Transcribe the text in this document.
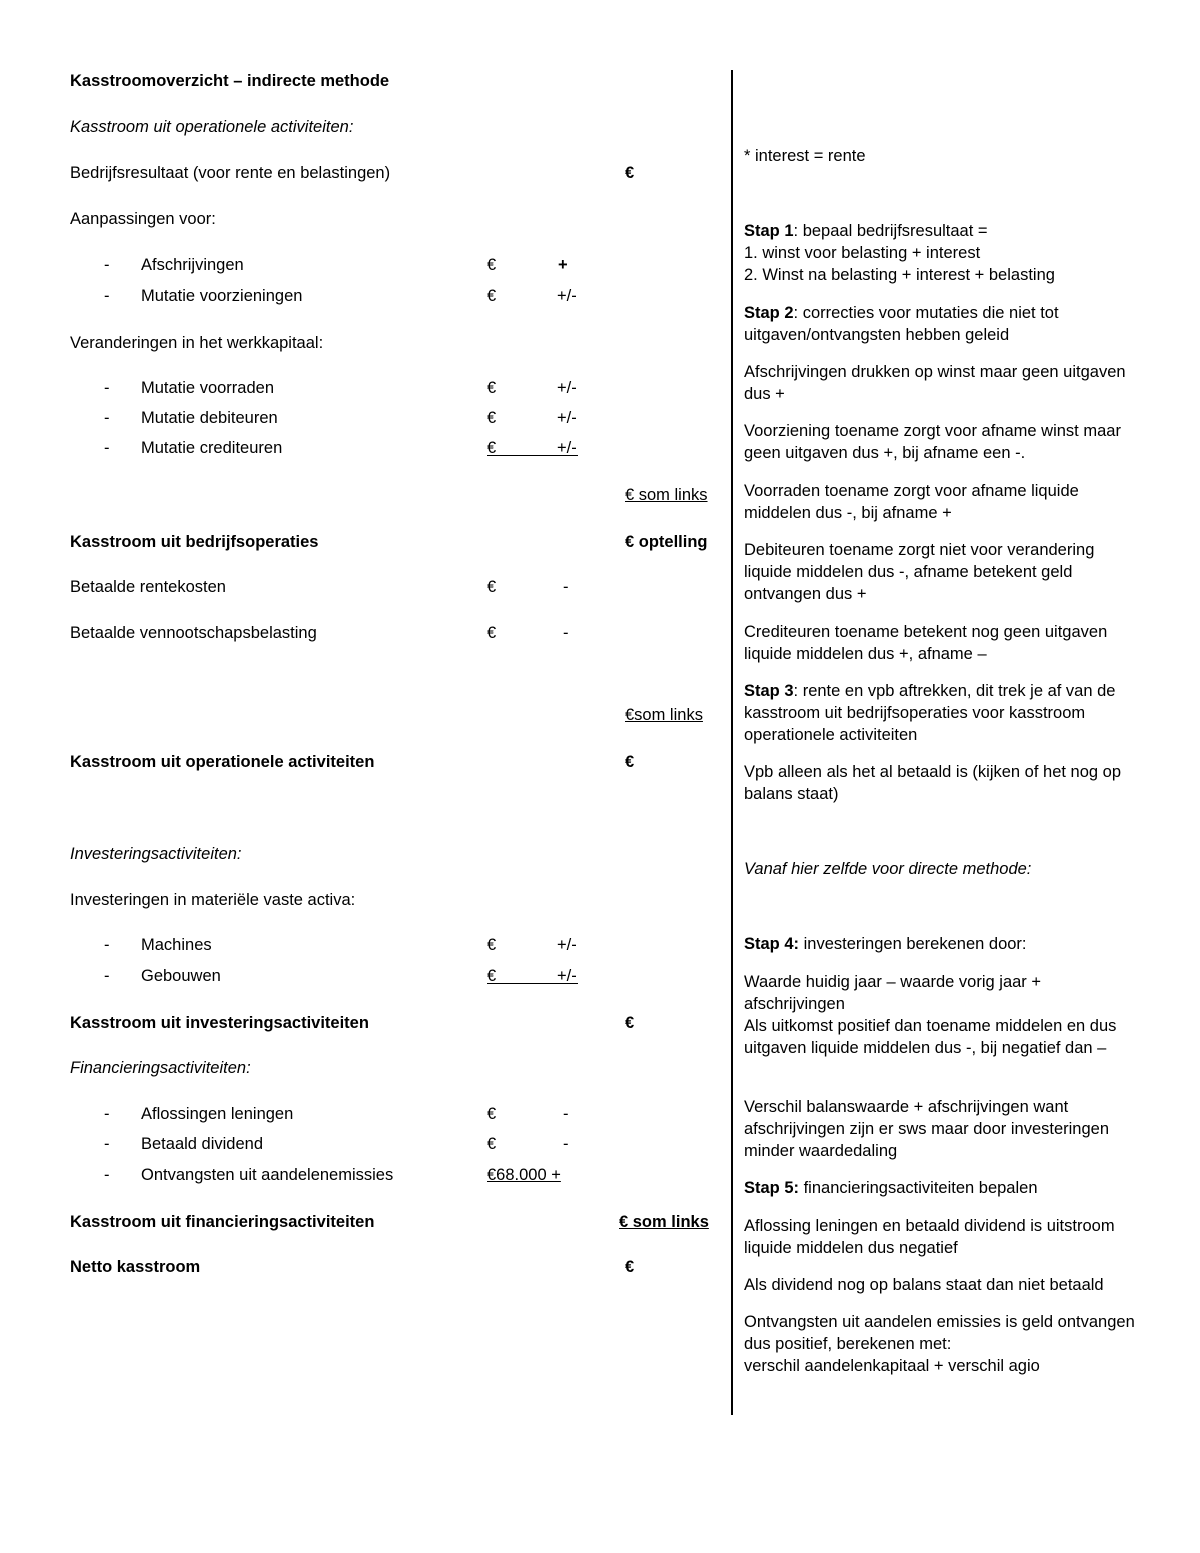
Kasstroomoverzicht – indirecte methode
Kasstroom uit operationele activiteiten:
Bedrijfsresultaat (voor rente en belastingen)	€
Aanpassingen voor:
- Afschrijvingen	€	+
- Mutatie voorzieningen	€	+/-
Veranderingen in het werkkapitaal:
- Mutatie voorraden	€	+/-
- Mutatie debiteuren	€	+/-
- Mutatie crediteuren	€	+/-
€ som links
Kasstroom uit bedrijfsoperaties	€ optelling
Betaalde rentekosten	€	-
Betaalde vennootschapsbelasting	€	-
€som links
Kasstroom uit operationele activiteiten	€
Investeringsactiviteiten:
Investeringen in materiële vaste activa:
- Machines	€	+/-
- Gebouwen	€	+/-
Kasstroom uit investeringsactiviteiten	€
Financieringsactiviteiten:
- Aflossingen leningen	€	-
- Betaald dividend	€	-
- Ontvangsten uit aandelenemissies	€68.000 +
Kasstroom uit financieringsactiviteiten	€ som links
Netto kasstroom	€
* interest = rente
Stap 1: bepaal bedrijfsresultaat =
1. winst voor belasting + interest
2. Winst na belasting + interest + belasting
Stap 2: correcties voor mutaties die niet tot uitgaven/ontvangsten hebben geleid
Afschrijvingen drukken op winst maar geen uitgaven dus +
Voorziening toename zorgt voor afname winst maar geen uitgaven dus +, bij afname een -.
Voorraden toename zorgt voor afname liquide middelen dus -, bij afname +
Debiteuren toename zorgt niet voor verandering liquide middelen dus -, afname betekent geld ontvangen dus +
Crediteuren toename betekent nog geen uitgaven liquide middelen dus +, afname –
Stap 3: rente en vpb aftrekken, dit trek je af van de kasstroom uit bedrijfsoperaties voor kasstroom operationele activiteiten
Vpb alleen als het al betaald is (kijken of het nog op balans staat)
Vanaf hier zelfde voor directe methode:
Stap 4: investeringen berekenen door:
Waarde huidig jaar – waarde vorig jaar + afschrijvingen
Als uitkomst positief dan toename middelen en dus uitgaven liquide middelen dus -, bij negatief dan –
Verschil balanswaarde + afschrijvingen want afschrijvingen zijn er sws maar door investeringen minder waardedaling
Stap 5: financieringsactiviteiten bepalen
Aflossing leningen en betaald dividend is uitstroom liquide middelen dus negatief
Als dividend nog op balans staat dan niet betaald
Ontvangsten uit aandelen emissies is geld ontvangen dus positief, berekenen met:
verschil aandelenkapitaal + verschil agio
